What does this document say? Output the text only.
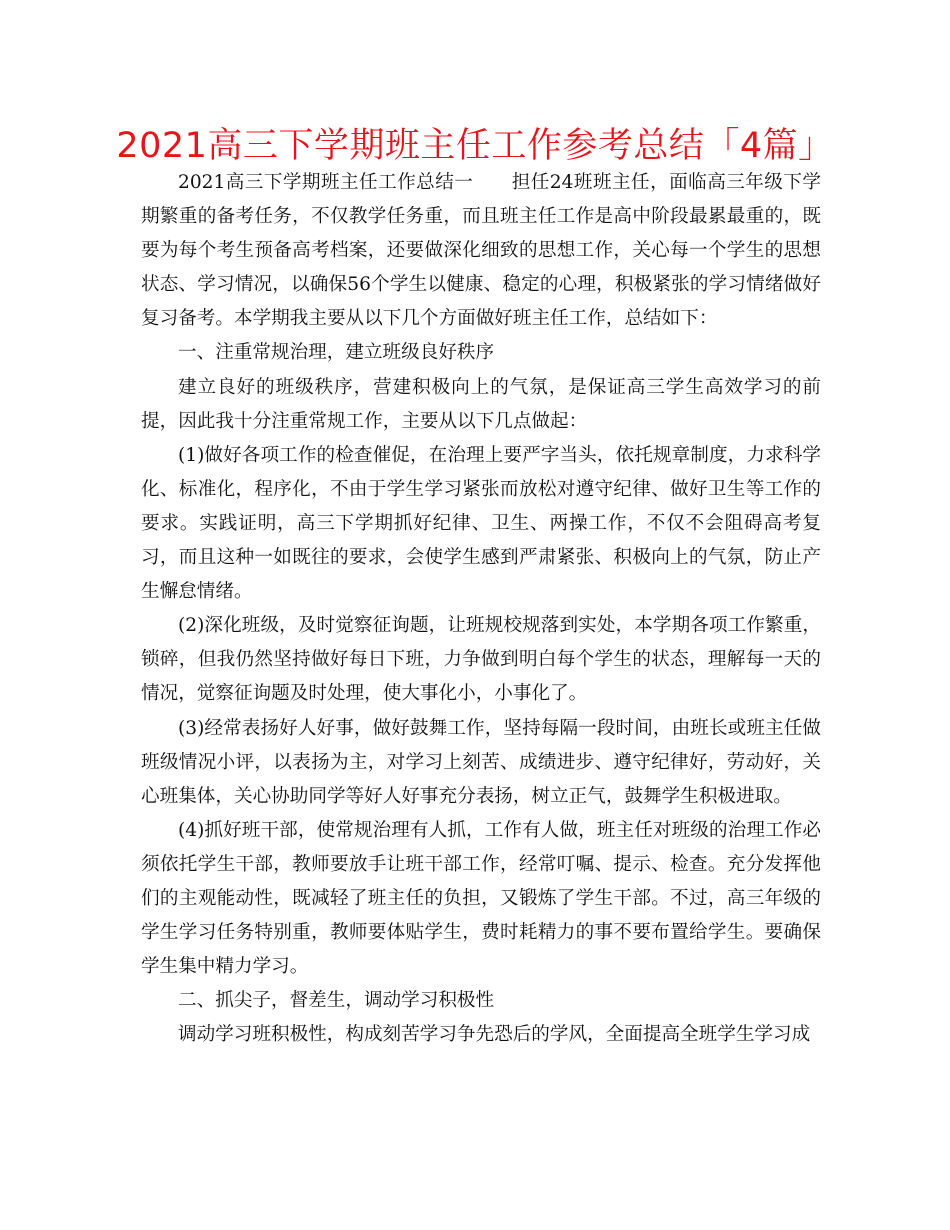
2021高三下学期班主任工作参考总结「4篇」

2021高三下学期班主任工作总结一 担任24班班主任，面临高三年级下学期繁重的备考任务，不仅教学任务重，而且班主任工作是高中阶段最累最重的，既要为每个考生预备高考档案，还要做深化细致的思想工作，关心每一个学生的思想状态、学习情况，以确保56个学生以健康、稳定的心理，积极紧张的学习情绪做好复习备考。本学期我主要从以下几个方面做好班主任工作，总结如下：

一、注重常规治理，建立班级良好秩序

建立良好的班级秩序，营建积极向上的气氛，是保证高三学生高效学习的前提，因此我十分注重常规工作，主要从以下几点做起：

(1)做好各项工作的检查催促，在治理上要严字当头，依托规章制度，力求科学化、标准化，程序化，不由于学生学习紧张而放松对遵守纪律、做好卫生等工作的要求。实践证明，高三下学期抓好纪律、卫生、两操工作，不仅不会阻碍高考复习，而且这种一如既往的要求，会使学生感到严肃紧张、积极向上的气氛，防止产生懈怠情绪。

(2)深化班级，及时觉察征询题，让班规校规落到实处，本学期各项工作繁重，锁碎，但我仍然坚持做好每日下班，力争做到明白每个学生的状态，理解每一天的情况，觉察征询题及时处理，使大事化小，小事化了。

(3)经常表扬好人好事，做好鼓舞工作，坚持每隔一段时间，由班长或班主任做班级情况小评，以表扬为主，对学习上刻苦、成绩进步、遵守纪律好，劳动好，关心班集体，关心协助同学等好人好事充分表扬，树立正气，鼓舞学生积极进取。

(4)抓好班干部，使常规治理有人抓，工作有人做，班主任对班级的治理工作必须依托学生干部，教师要放手让班干部工作，经常叮嘱、提示、检查。充分发挥他们的主观能动性，既减轻了班主任的负担，又锻炼了学生干部。不过，高三年级的学生学习任务特别重，教师要体贴学生，费时耗精力的事不要布置给学生。要确保学生集中精力学习。

二、抓尖子，督差生，调动学习积极性

调动学习班积极性，构成刻苦学习争先恐后的学风，全面提高全班学生学习成
